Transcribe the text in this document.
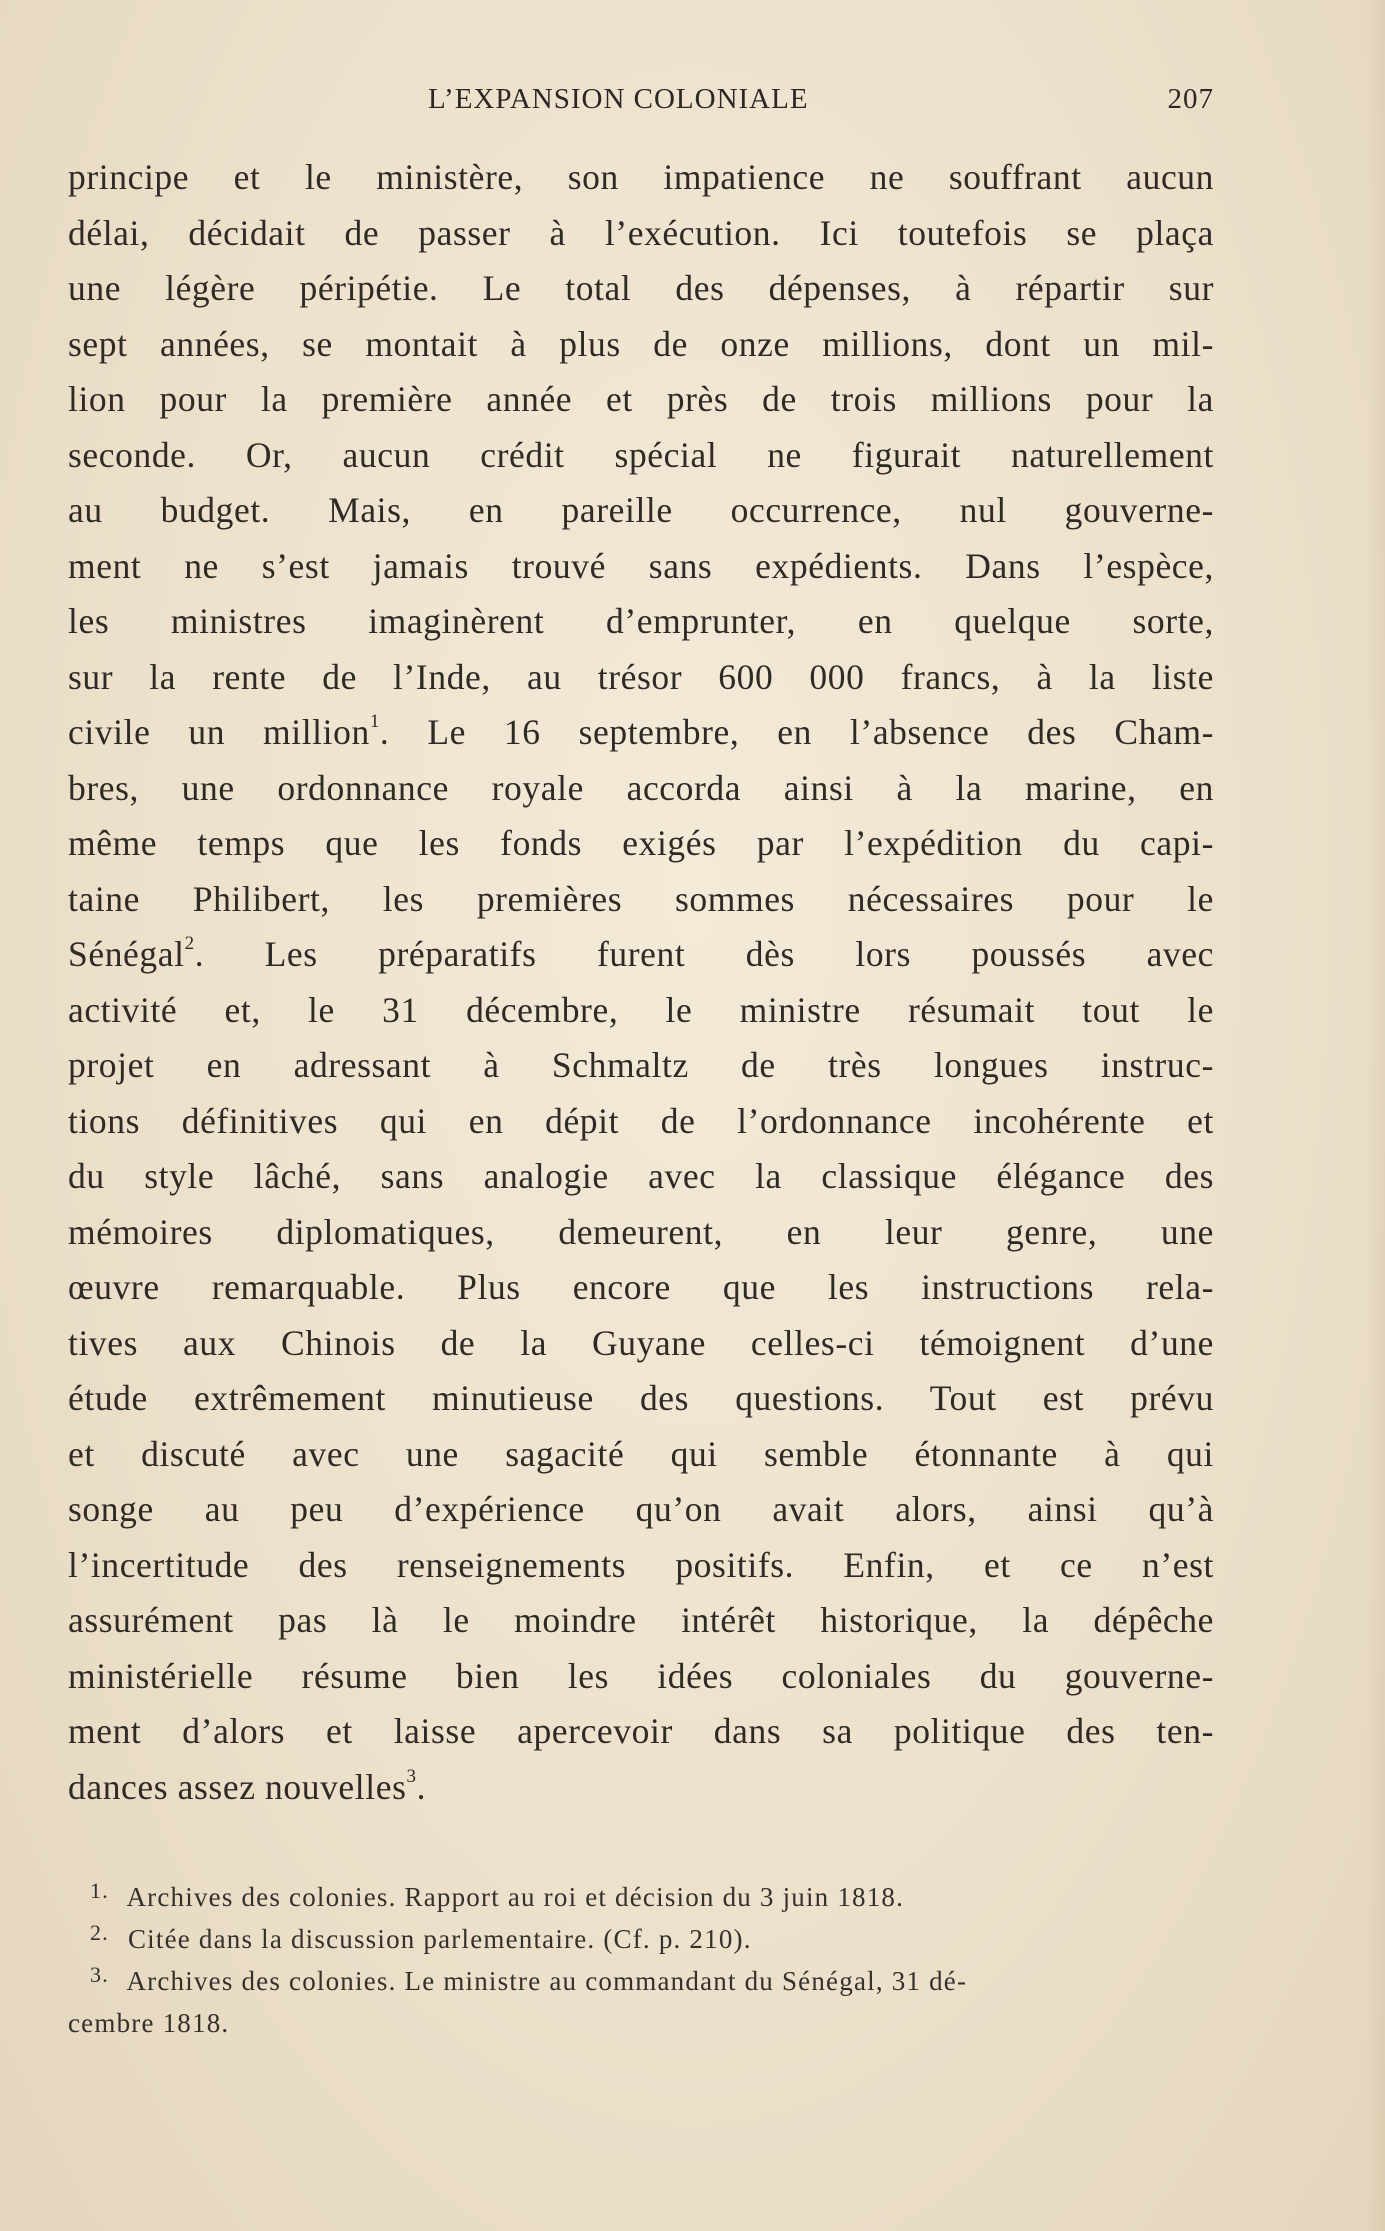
L’EXPANSION COLONIALE	207
principe et le ministère, son impatience ne souffrant aucun
délai, décidait de passer à l’exécution. Ici toutefois se plaça
une légère péripétie. Le total des dépenses, à répartir sur
sept années, se montait à plus de onze millions, dont un mil-
lion pour la première année et près de trois millions pour la
seconde. Or, aucun crédit spécial ne figurait naturellement
au budget. Mais, en pareille occurrence, nul gouverne-
ment ne s’est jamais trouvé sans expédients. Dans l’espèce,
les ministres imaginèrent d’emprunter, en quelque sorte,
sur la rente de l’Inde, au trésor 600 000 francs, à la liste
civile un million$^1$. Le 16 septembre, en l’absence des Cham-
bres, une ordonnance royale accorda ainsi à la marine, en
même temps que les fonds exigés par l’expédition du capi-
taine Philibert, les premières sommes nécessaires pour le
Sénégal$^2$. Les préparatifs furent dès lors poussés avec
activité et, le 31 décembre, le ministre résumait tout le
projet en adressant à Schmaltz de très longues instruc-
tions définitives qui en dépit de l’ordonnance incohérente et
du style lâché, sans analogie avec la classique élégance des
mémoires diplomatiques, demeurent, en leur genre, une
œuvre remarquable. Plus encore que les instructions rela-
tives aux Chinois de la Guyane celles-ci témoignent d’une
étude extrêmement minutieuse des questions. Tout est prévu
et discuté avec une sagacité qui semble étonnante à qui
songe au peu d’expérience qu’on avait alors, ainsi qu’à
l’incertitude des renseignements positifs. Enfin, et ce n’est
assurément pas là le moindre intérêt historique, la dépêche
ministérielle résume bien les idées coloniales du gouverne-
ment d’alors et laisse apercevoir dans sa politique des ten-
dances assez nouvelles$^3$.
1. Archives des colonies. Rapport au roi et décision du 3 juin 1818.
2. Citée dans la discussion parlementaire. (Cf. p. 210).
3. Archives des colonies. Le ministre au commandant du Sénégal, 31 dé-
cembre 1818.
